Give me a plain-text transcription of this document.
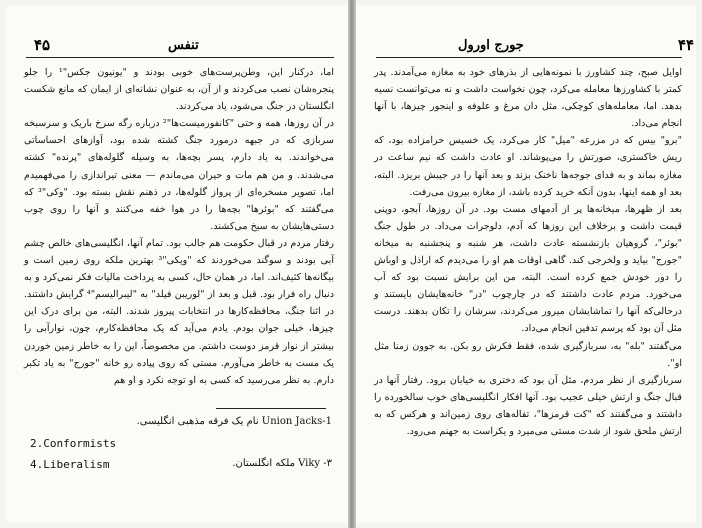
۴۵	تنفس

اما، درکنار این، وطن‌پرست‌های خوبی بودند و "یونیون جکس"¹ را جلو پنجره‌شان نصب می‌کردند و از آن، به عنوان نشانه‌ای از ایمان که مانع شکست انگلستان در جنگ می‌شود، یاد می‌کردند.

در آن روزها، همه و حتی "کانفورمیست‌ها"² درباره رگه سرخ باریک و سرسبخه سربازی که در جبهه درمورد جنگ کشته شده بود، آوازهای احساساتی می‌خواندند. به یاد دارم، پسر بچه‌ها، به وسیله گلوله‌های "پرنده" کشته می‌شدند. و من هم مات و حیران می‌ماندم — معنی تیراندازی را می‌فهمیدم اما، تصویر مسخره‌ای از پرواز گلوله‌ها، در ذهنم نقش بسته بود. "وکی"³ که می‌گفتند که "بوئرها" بچه‌ها را در هوا خفه می‌کنند و آنها را روی چوب دستی‌هایشان به سیخ می‌کشند.

رفتار مردم در قبال حکومت هم جالب بود. تمام آنها، انگلیسی‌های خالص چشم آبی بودند و سوگند می‌خوردند که "ویکی"³ بهترین ملکه روی زمین است و بیگانه‌ها کثیف‌اند. اما، در همان حال، کسی به پرداخت مالیات فکر نمی‌کرد و به دنبال راه فرار بود. قبل و بعد از "لوریبن فیلد" به "لیبرالیسم"⁴ گرایش داشتند. در اثنا جنگ، محافظه‌کارها در انتخابات پیروز شدند. البته، من برای درک این چیزها، خیلی جوان بودم. یادم می‌آید که یک محافظه‌کارم، چون، نوارآبی را بیشتر از نوار قرمز دوست داشتم. من مخصوصاً، این را به خاطر زمین خوردن یک مست به خاطر می‌آورم. مستی که روی پیاده رو خانه "جورج" به یاد تکبر دارم. به نظر می‌رسید که کسی به او توجه نکرد و او هم

Union Jacks-1 نام یک فرقه مذهبی انگلیسی.
2.Conformists
Viky -۳ ملکه انگلستان.
4.Liberalism
۴۴
جورج اورول

اوایل صبح، چند کشاورز با نمونه‌هایی از بذرهای خود به مغازه می‌آمدند. پدر کمتر با کشاورزها معامله می‌کرد، چون نخواست داشت و نه می‌توانست نسیه بدهد. اما، معامله‌های کوچکی، مثل دان مرغ و علوفه و اینجور چیزها، با آنها انجام می‌داد.

"برو" بیس که در مزرعه "میل" کار می‌کرد، یک خسیس حرامزاده بود، که ریش خاکستری، صورتش را می‌پوشاند. او عادت داشت که نیم ساعت در مغازه بماند و به فدای جوجه‌ها ناخنک بزند و بعد آنها را در جیبش بریزد. البته، بعد او همه اینها، بدون آنکه خرید کرده باشد، از مغازه بیرون می‌رفت.

بعد از ظهرها، میخانه‌ها پر از آدمهای مست بود. در آن روزها، آبجو، دوپنی قیمت داشت و برخلاف این روزها که آدم، دلوجرات می‌داد. در طول جنگ "بوئر"، گروهیان بازنشسته عادت داشت، هر شنبه و پنجشنبه به میخانه "جورج" بیاید و ولخرجی کند. گاهی اوقات هم او را می‌دیدم که اراذل و اوباش را دور خودش جمع کرده است. البته، من این برایش نسبت بود که آب می‌خورد. مردم عادت داشتند که در چارچوب "در" خانه‌هایشان بایستند و درحالی‌که آنها را تماشایشان میرور می‌کردند، سرشان را تکان بدهند. درست مثل آن بود که پرسم تدفین انجام می‌داد.

می‌گفتند "بله" به، سربازگیری شده، فقط فکرش رو بکن. به جوون زمنا مثل او".

سربازگیری از نظر مردم، مثل آن بود که دختری به خیابان برود. رفتار آنها در قبال جنگ و ارتش خیلی عجیب بود. آنها افکار انگلیسی‌های خوب سالخورده را داشتند و می‌گفتند که "کت قرمزها"، تفاله‌های روی زمین‌اند و هرکس که به ارتش ملحق شود از شدت مستی می‌میرد و یکراست به جهنم می‌رود.
